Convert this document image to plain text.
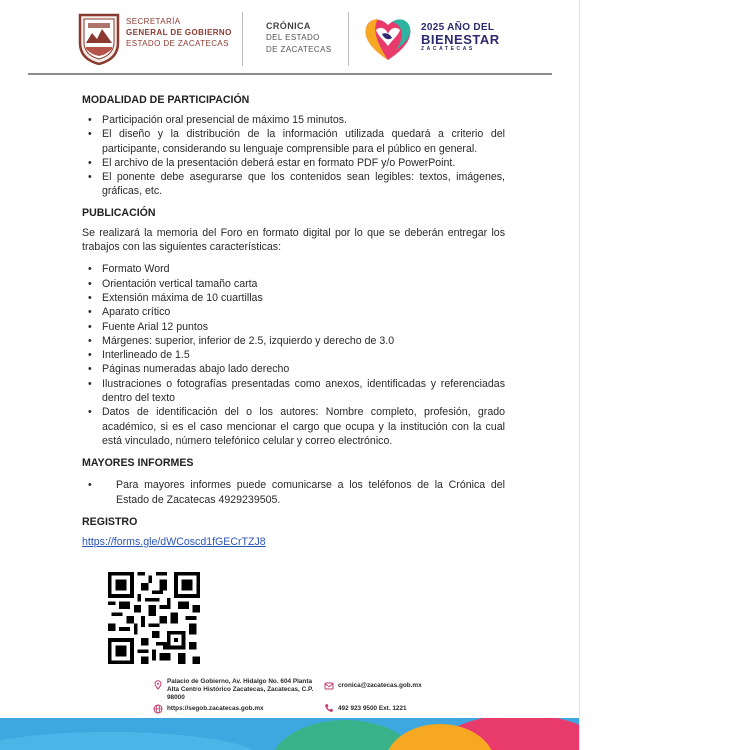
SECRETARÍA
GENERAL DE GOBIERNO
ESTADO DE ZACATECAS
CRÓNICA
DEL ESTADO
DE ZACATECAS
2025 AÑO DEL
BIENESTAR
ZACATECAS
MODALIDAD DE PARTICIPACIÓN
• Participación oral presencial de máximo 15 minutos.
• El diseño y la distribución de la información utilizada quedará a criterio del participante, considerando su lenguaje comprensible para el público en general.
• El archivo de la presentación deberá estar en formato PDF y/o PowerPoint.
• El ponente debe asegurarse que los contenidos sean legibles: textos, imágenes, gráficas, etc.
PUBLICACIÓN

Se realizará la memoria del Foro en formato digital por lo que se deberán entregar los trabajos con las siguientes características:

• Formato Word
• Orientación vertical tamaño carta
• Extensión máxima de 10 cuartillas
• Aparato crítico
• Fuente Arial 12 puntos
• Márgenes: superior, inferior de 2.5, izquierdo y derecho de 3.0
• Interlineado de 1.5
• Páginas numeradas abajo lado derecho
• Ilustraciones o fotografías presentadas como anexos, identificadas y referenciadas dentro del texto
• Datos de identificación del o los autores: Nombre completo, profesión, grado académico, si es el caso mencionar el cargo que ocupa y la institución con la cual está vinculado, número telefónico celular y correo electrónico.
MAYORES INFORMES
• Para mayores informes puede comunicarse a los teléfonos de la Crónica del Estado de Zacatecas 4929239505.
REGISTRO

https://forms.gle/dWCoscd1fGECrTZJ8

Palacio de Gobierno, Av. Hidalgo No. 604 Planta Alta Centro Histórico Zacatecas, Zacatecas, C.P. 98000
https://segob.zacatecas.gob.mx
cronica@zacatecas.gob.mx
492 923 9500 Ext. 1221
